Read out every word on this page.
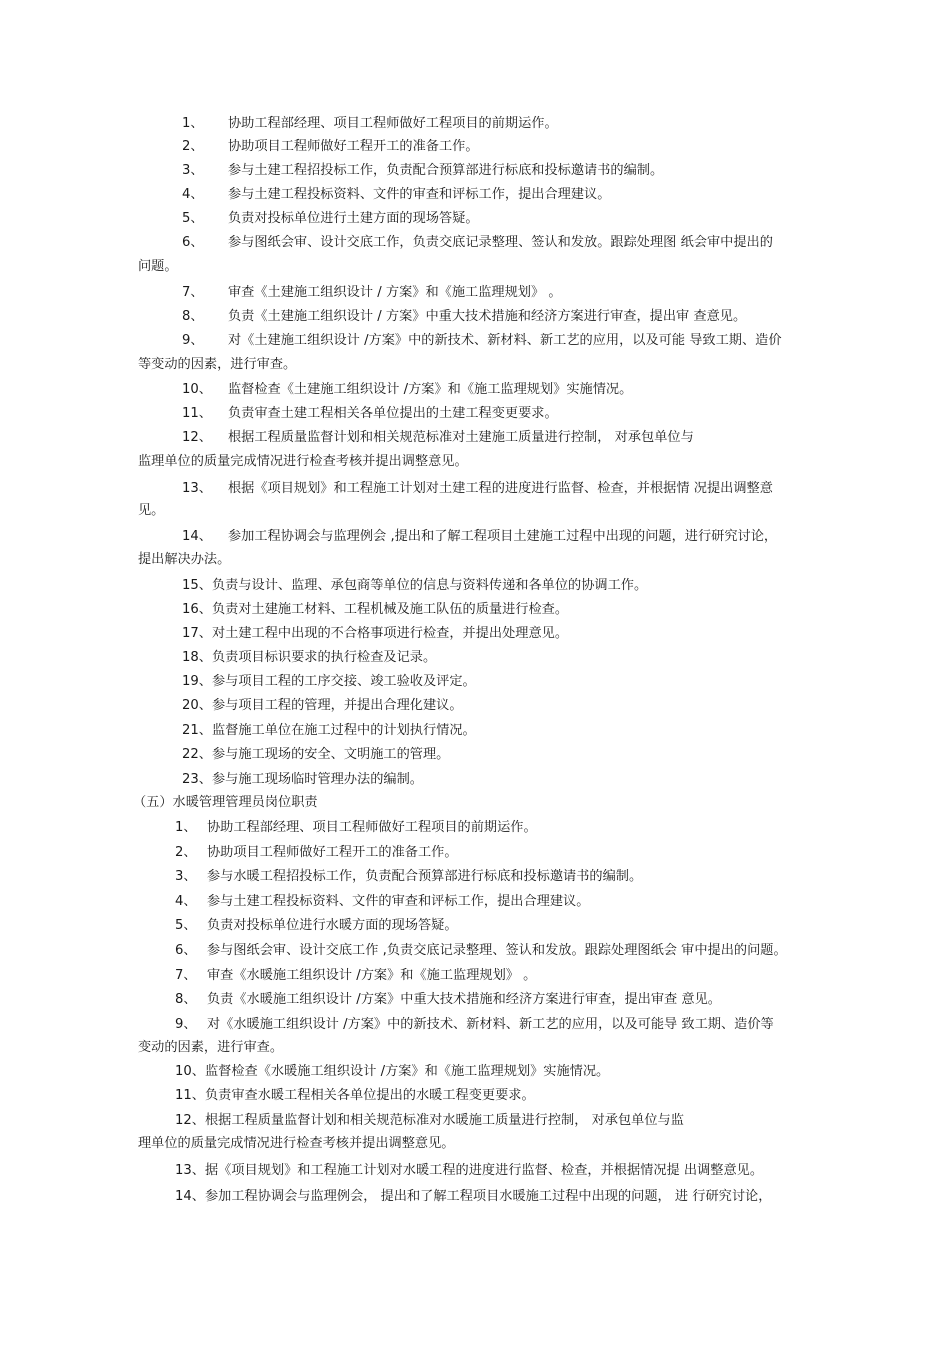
1、 协助工程部经理、项目工程师做好工程项目的前期运作。
2、 协助项目工程师做好工程开工的准备工作。
3、 参与土建工程招投标工作，负责配合预算部进行标底和投标邀请书的编制。
4、 参与土建工程投标资料、文件的审查和评标工作，提出合理建议。
5、 负责对投标单位进行土建方面的现场答疑。
6、 参与图纸会审、设计交底工作，负责交底记录整理、签认和发放。跟踪处理图 纸会审中提出的
问题。
7、 审查《土建施工组织设计 / 方案》和《施工监理规划》 。
8、 负责《土建施工组织设计 / 方案》中重大技术措施和经济方案进行审查，提出审 查意见。
9、 对《土建施工组织设计 /方案》中的新技术、新材料、新工艺的应用，以及可能 导致工期、造价
等变动的因素，进行审查。
10、 监督检查《土建施工组织设计 /方案》和《施工监理规划》实施情况。
11、 负责审查土建工程相关各单位提出的土建工程变更要求。
12、 根据工程质量监督计划和相关规范标准对土建施工质量进行控制， 对承包单位与
监理单位的质量完成情况进行检查考核并提出调整意见。
13、 根据《项目规划》和工程施工计划对土建工程的进度进行监督、检查，并根据情 况提出调整意
见。
14、 参加工程协调会与监理例会 ,提出和了解工程项目土建施工过程中出现的问题，进行研究讨论，
提出解决办法。
15、负责与设计、监理、承包商等单位的信息与资料传递和各单位的协调工作。
16、负责对土建施工材料、工程机械及施工队伍的质量进行检查。
17、对土建工程中出现的不合格事项进行检查，并提出处理意见。
18、负责项目标识要求的执行检查及记录。
19、参与项目工程的工序交接、竣工验收及评定。
20、参与项目工程的管理，并提出合理化建议。
21、监督施工单位在施工过程中的计划执行情况。
22、参与施工现场的安全、文明施工的管理。
23、参与施工现场临时管理办法的编制。
（五）水暖管理管理员岗位职责
1、 协助工程部经理、项目工程师做好工程项目的前期运作。
2、 协助项目工程师做好工程开工的准备工作。
3、 参与水暖工程招投标工作，负责配合预算部进行标底和投标邀请书的编制。
4、 参与土建工程投标资料、文件的审查和评标工作，提出合理建议。
5、 负责对投标单位进行水暖方面的现场答疑。
6、 参与图纸会审、设计交底工作 ,负责交底记录整理、签认和发放。跟踪处理图纸会 审中提出的问题。
7、 审查《水暖施工组织设计 /方案》和《施工监理规划》 。
8、 负责《水暖施工组织设计 /方案》中重大技术措施和经济方案进行审查，提出审查 意见。
9、 对《水暖施工组织设计 /方案》中的新技术、新材料、新工艺的应用，以及可能导 致工期、造价等
变动的因素，进行审查。
10、监督检查《水暖施工组织设计 /方案》和《施工监理规划》实施情况。
11、负责审查水暖工程相关各单位提出的水暖工程变更要求。
12、根据工程质量监督计划和相关规范标准对水暖施工质量进行控制， 对承包单位与监
理单位的质量完成情况进行检查考核并提出调整意见。
13、据《项目规划》和工程施工计划对水暖工程的进度进行监督、检查，并根据情况提 出调整意见。
14、参加工程协调会与监理例会， 提出和了解工程项目水暖施工过程中出现的问题， 进 行研究讨论，
